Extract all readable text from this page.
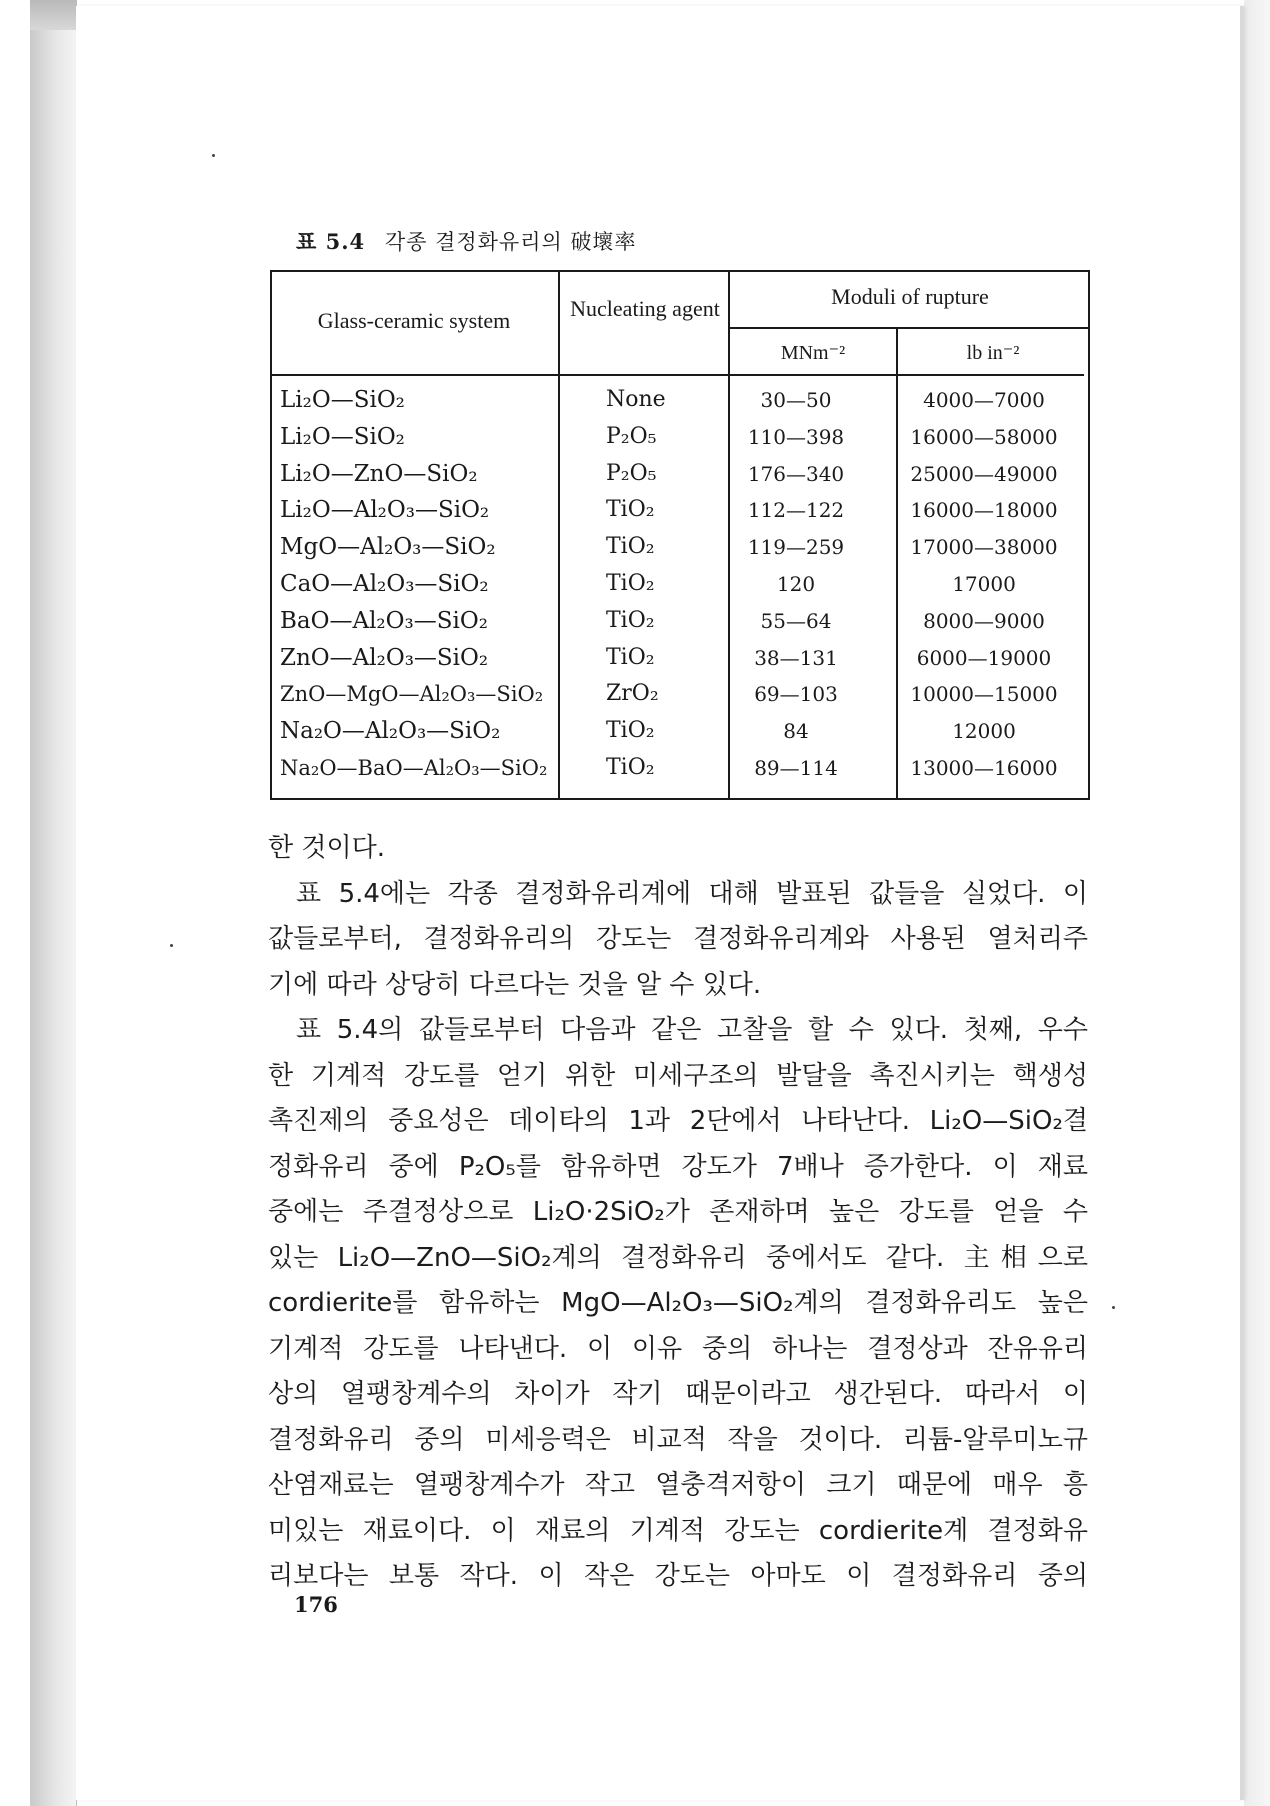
표 5.4 각종 결정화유리의 破壞率
Glass-ceramic system	Nucleating agent	Moduli of rupture
MNm⁻²	lb in⁻²
Li₂O—SiO₂	None	30—50	4000—7000
Li₂O—SiO₂	P₂O₅	110—398	16000—58000
Li₂O—ZnO—SiO₂	P₂O₅	176—340	25000—49000
Li₂O—Al₂O₃—SiO₂	TiO₂	112—122	16000—18000
MgO—Al₂O₃—SiO₂	TiO₂	119—259	17000—38000
CaO—Al₂O₃—SiO₂	TiO₂	120	17000
BaO—Al₂O₃—SiO₂	TiO₂	55—64	8000—9000
ZnO—Al₂O₃—SiO₂	TiO₂	38—131	6000—19000
ZnO—MgO—Al₂O₃—SiO₂	ZrO₂	69—103	10000—15000
Na₂O—Al₂O₃—SiO₂	TiO₂	84	12000
Na₂O—BaO—Al₂O₃—SiO₂	TiO₂	89—114	13000—16000
한 것이다.
표 5.4에는 각종 결정화유리계에 대해 발표된 값들을 실었다. 이
값들로부터, 결정화유리의 강도는 결정화유리계와 사용된 열처리주
기에 따라 상당히 다르다는 것을 알 수 있다.
표 5.4의 값들로부터 다음과 같은 고찰을 할 수 있다. 첫째, 우수
한 기계적 강도를 얻기 위한 미세구조의 발달을 촉진시키는 핵생성
촉진제의 중요성은 데이타의 1과 2단에서 나타난다. Li₂O—SiO₂결
정화유리 중에 P₂O₅를 함유하면 강도가 7배나 증가한다. 이 재료
중에는 주결정상으로 Li₂O·2SiO₂가 존재하며 높은 강도를 얻을 수
있는 Li₂O—ZnO—SiO₂계의 결정화유리 중에서도 같다. 主相으로
cordierite를 함유하는 MgO—Al₂O₃—SiO₂계의 결정화유리도 높은
기계적 강도를 나타낸다. 이 이유 중의 하나는 결정상과 잔유유리
상의 열팽창계수의 차이가 작기 때문이라고 생간된다. 따라서 이
결정화유리 중의 미세응력은 비교적 작을 것이다. 리튬-알루미노규
산염재료는 열팽창계수가 작고 열충격저항이 크기 때문에 매우 흥
미있는 재료이다. 이 재료의 기계적 강도는 cordierite계 결정화유
리보다는 보통 작다. 이 작은 강도는 아마도 이 결정화유리 중의
176
